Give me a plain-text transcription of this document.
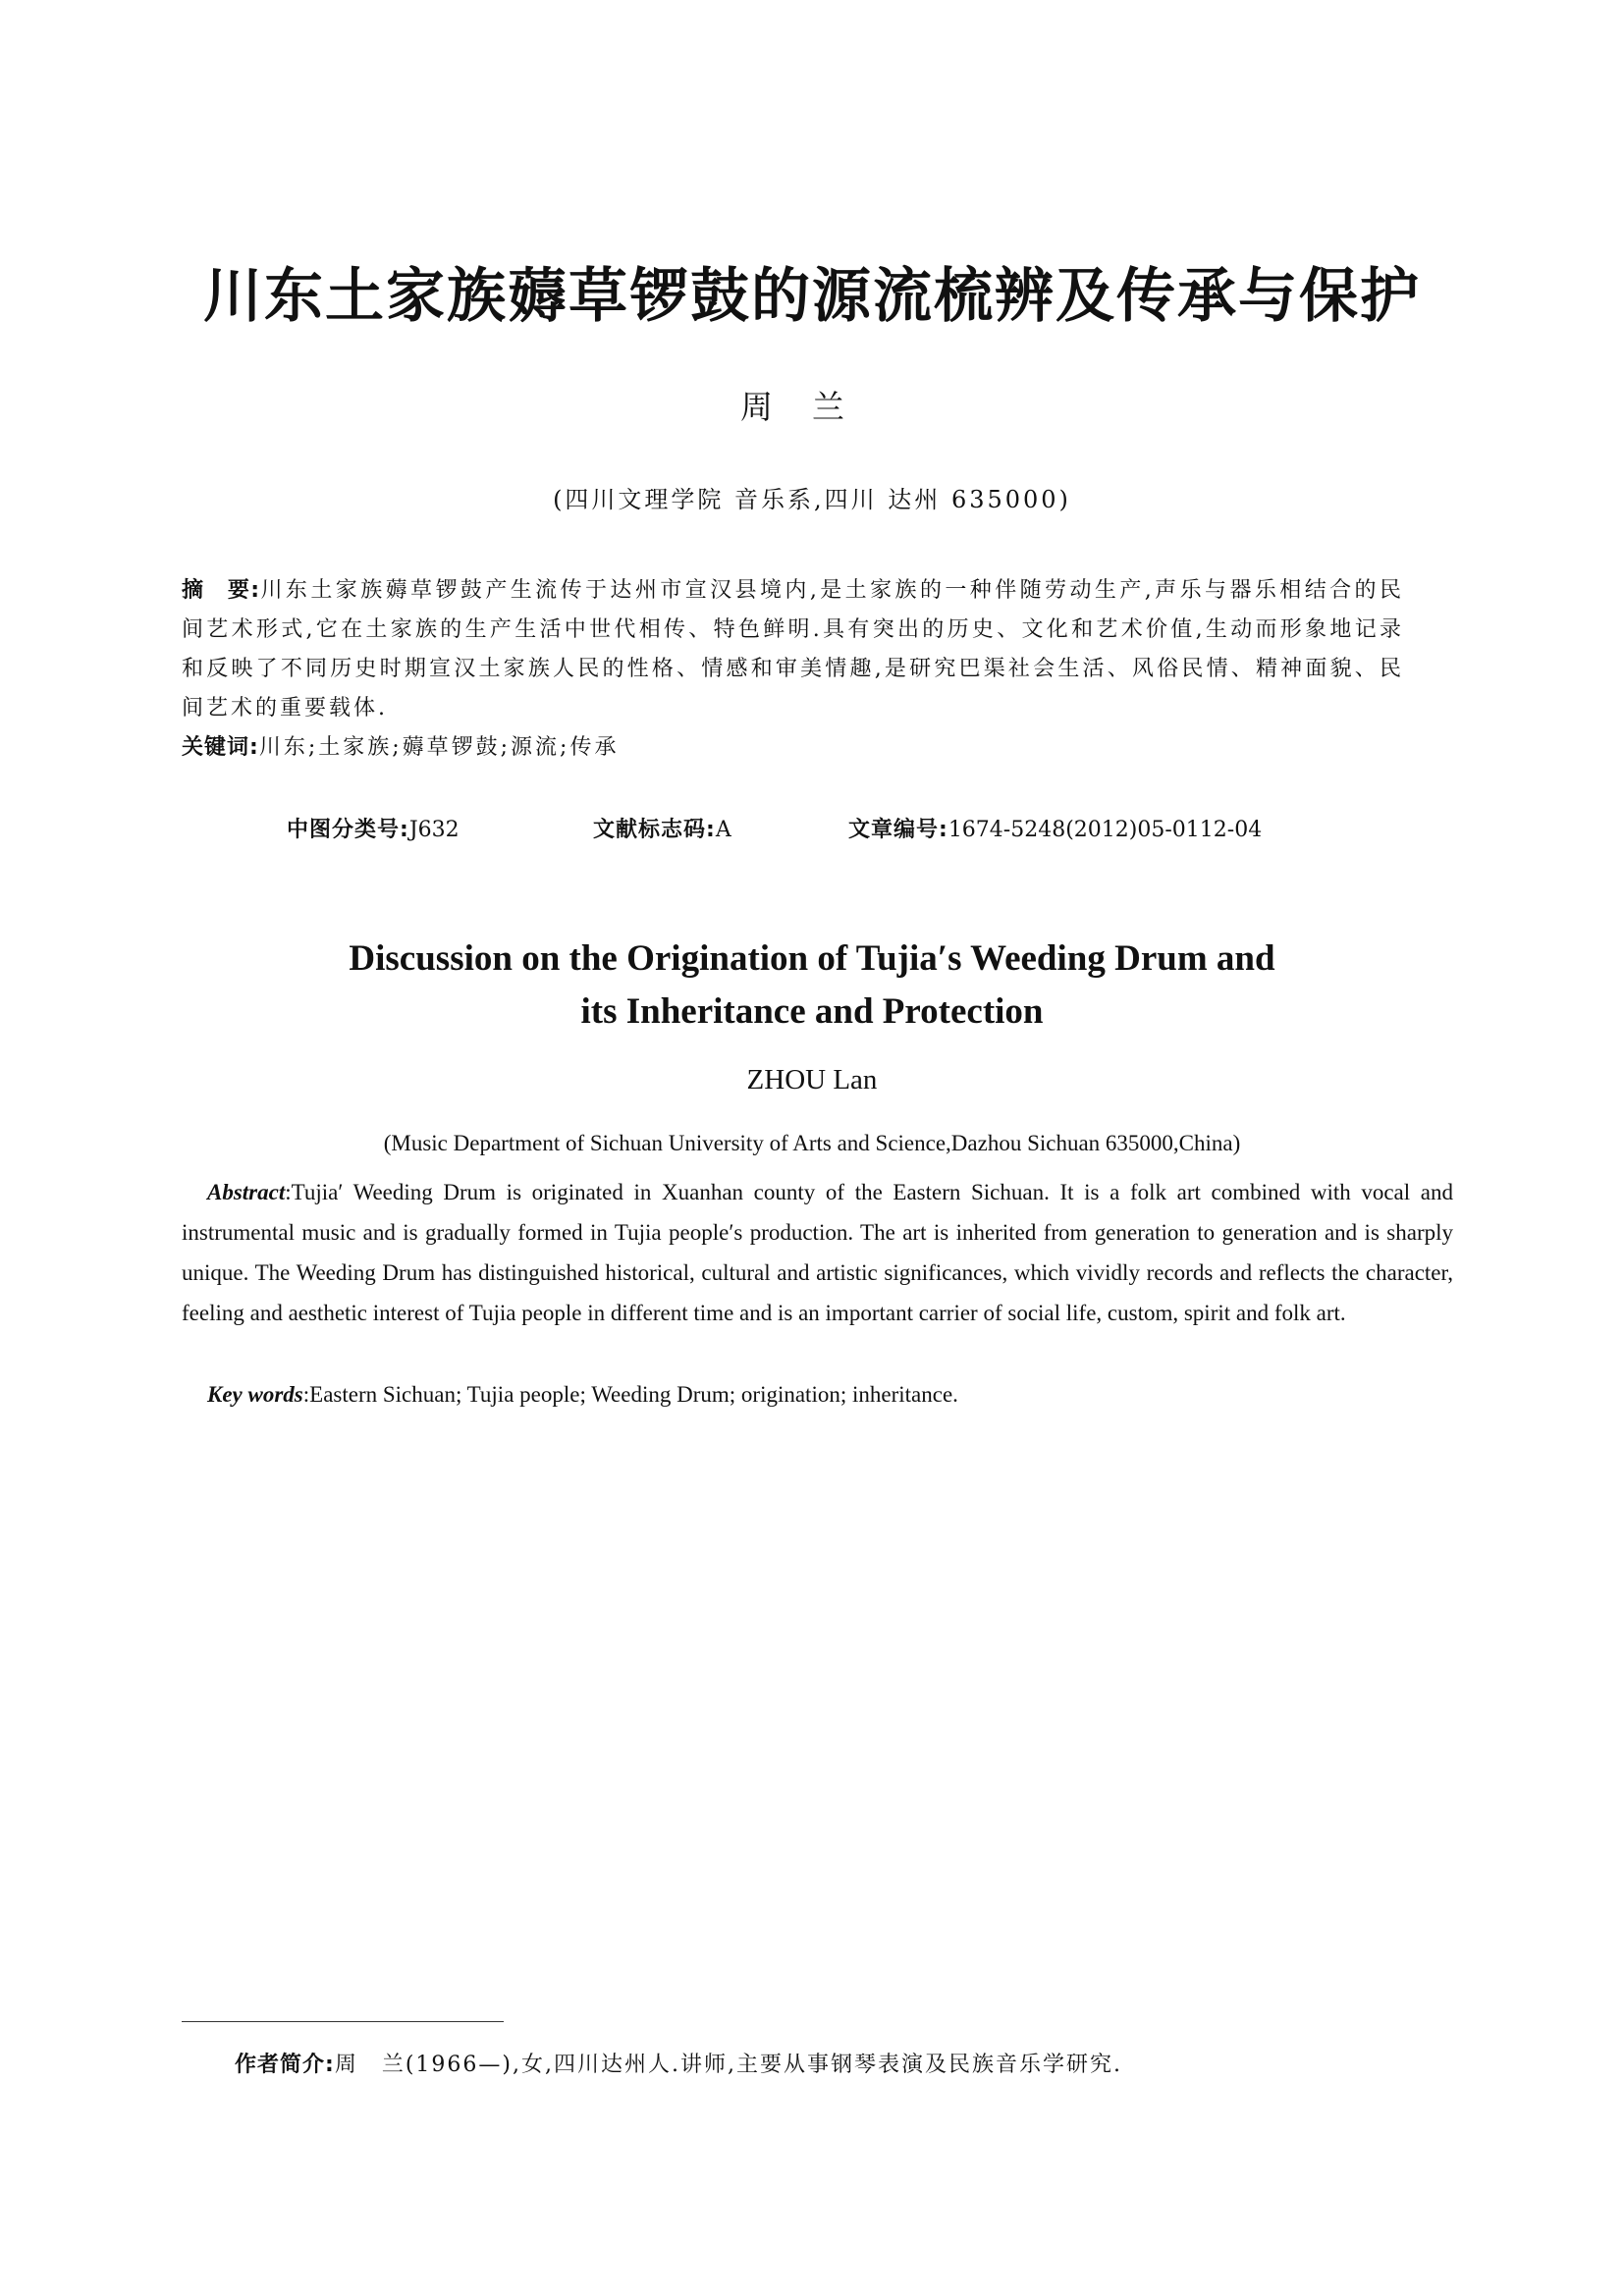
川东土家族薅草锣鼓的源流梳辨及传承与保护
周兰
(四川文理学院 音乐系,四川 达州 635000)

摘　要:川东土家族薅草锣鼓产生流传于达州市宣汉县境内,是土家族的一种伴随劳动生产,声乐与器乐相结合的民间艺术形式,它在土家族的生产生活中世代相传、特色鲜明.具有突出的历史、文化和艺术价值,生动而形象地记录和反映了不同历史时期宣汉土家族人民的性格、情感和审美情趣,是研究巴渠社会生活、风俗民情、精神面貌、民间艺术的重要载体.

关键词:川东;土家族;薅草锣鼓;源流;传承

中图分类号:J632	文献标志码:A	文章编号:1674-5248(2012)05-0112-04
Discussion on the Origination of Tujia′s Weeding Drum and
its Inheritance and Protection
ZHOU Lan
(Music Department of Sichuan University of Arts and Science,Dazhou Sichuan 635000,China)

Abstract:Tujia′ Weeding Drum is originated in Xuanhan county of the Eastern Sichuan. It is a folk art combined with vocal and instrumental music and is gradually formed in Tujia people′s production. The art is inherited from generation to generation and is sharply unique. The Weeding Drum has distinguished historical, cultural and artistic significances, which vividly records and reflects the character, feeling and aesthetic interest of Tujia people in different time and is an important carrier of social life, custom, spirit and folk art.

Key words:Eastern Sichuan; Tujia people; Weeding Drum; origination; inheritance.

作者简介:周　兰(1966—),女,四川达州人.讲师,主要从事钢琴表演及民族音乐学研究.
